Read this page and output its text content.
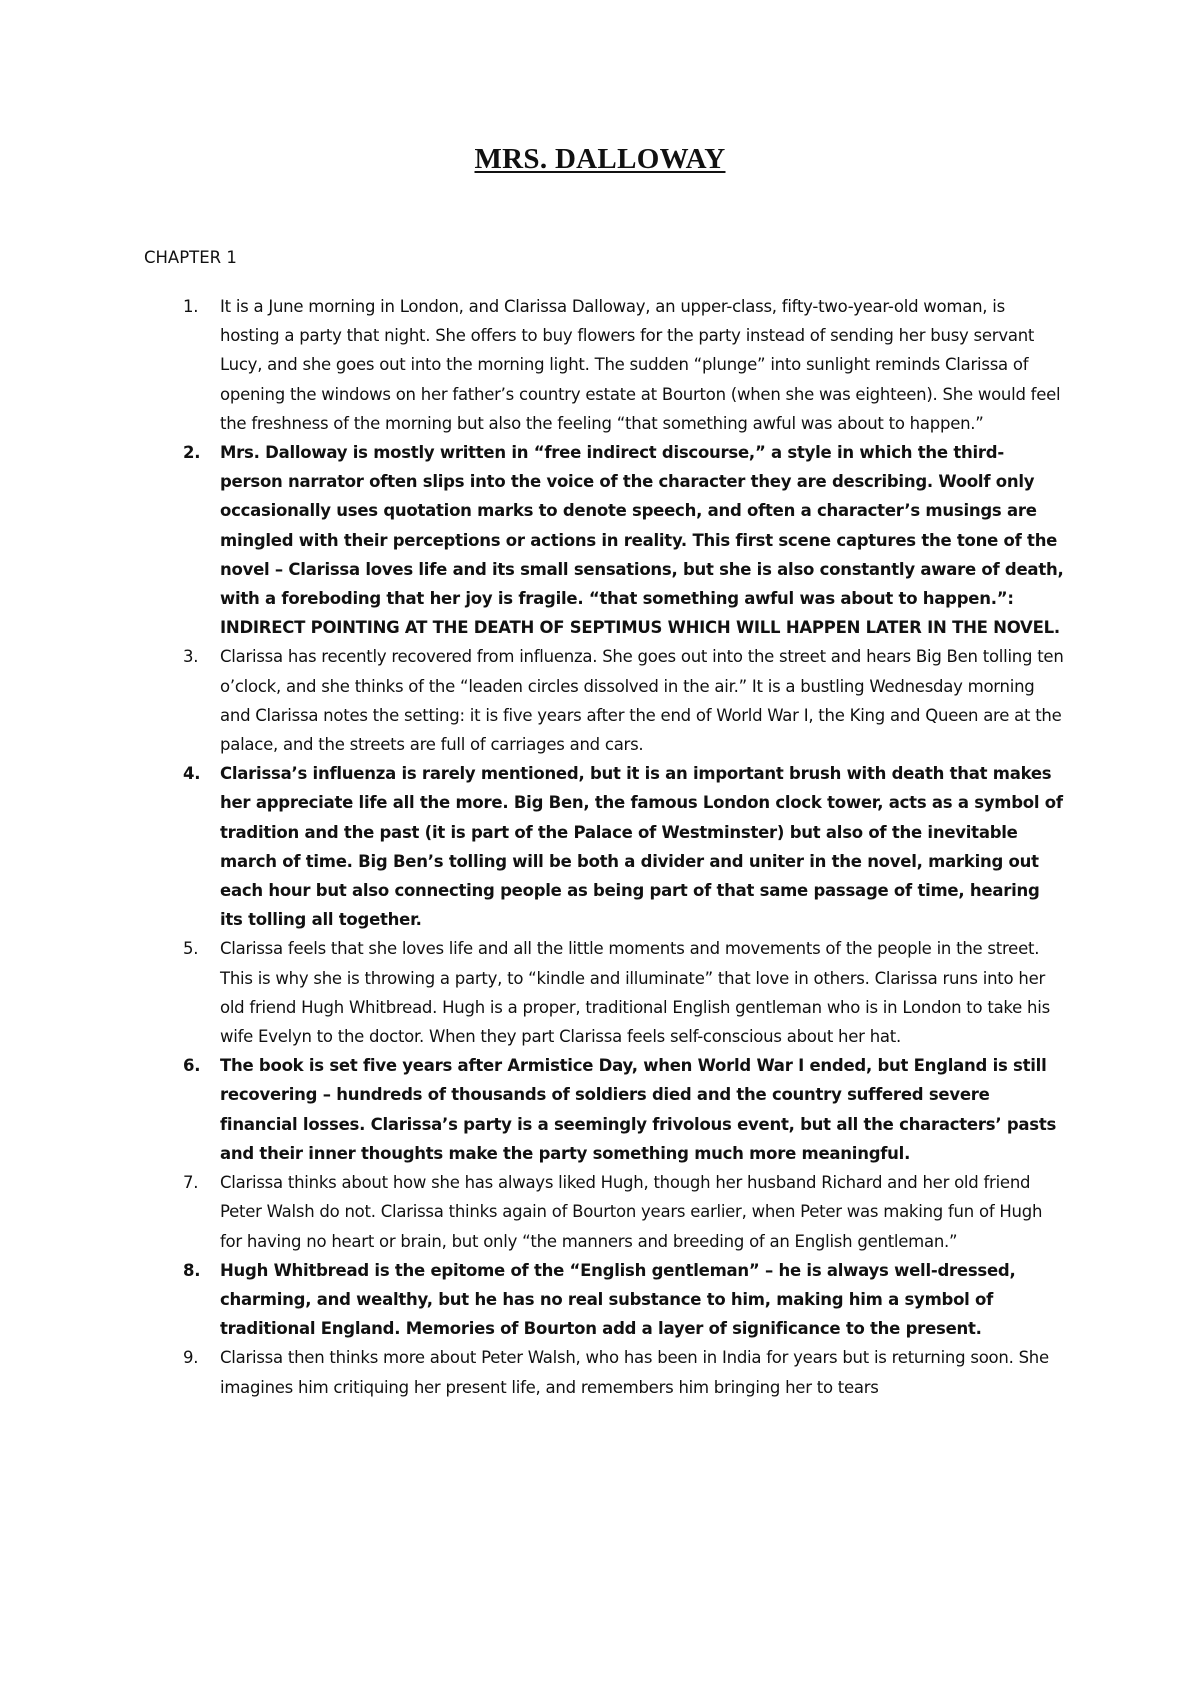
MRS. DALLOWAY
CHAPTER 1
1. It is a June morning in London, and Clarissa Dalloway, an upper-class, fifty-two-year-old woman, is hosting a party that night. She offers to buy flowers for the party instead of sending her busy servant Lucy, and she goes out into the morning light. The sudden “plunge” into sunlight reminds Clarissa of opening the windows on her father’s country estate at Bourton (when she was eighteen). She would feel the freshness of the morning but also the feeling “that something awful was about to happen.”
2. Mrs. Dalloway is mostly written in “free indirect discourse,” a style in which the third-person narrator often slips into the voice of the character they are describing. Woolf only occasionally uses quotation marks to denote speech, and often a character’s musings are mingled with their perceptions or actions in reality. This first scene captures the tone of the novel – Clarissa loves life and its small sensations, but she is also constantly aware of death, with a foreboding that her joy is fragile. “that something awful was about to happen.”: INDIRECT POINTING AT THE DEATH OF SEPTIMUS WHICH WILL HAPPEN LATER IN THE NOVEL.
3. Clarissa has recently recovered from influenza. She goes out into the street and hears Big Ben tolling ten o’clock, and she thinks of the “leaden circles dissolved in the air.” It is a bustling Wednesday morning and Clarissa notes the setting: it is five years after the end of World War I, the King and Queen are at the palace, and the streets are full of carriages and cars.
4. Clarissa’s influenza is rarely mentioned, but it is an important brush with death that makes her appreciate life all the more. Big Ben, the famous London clock tower, acts as a symbol of tradition and the past (it is part of the Palace of Westminster) but also of the inevitable march of time. Big Ben’s tolling will be both a divider and uniter in the novel, marking out each hour but also connecting people as being part of that same passage of time, hearing its tolling all together.
5. Clarissa feels that she loves life and all the little moments and movements of the people in the street. This is why she is throwing a party, to “kindle and illuminate” that love in others. Clarissa runs into her old friend Hugh Whitbread. Hugh is a proper, traditional English gentleman who is in London to take his wife Evelyn to the doctor. When they part Clarissa feels self-conscious about her hat.
6. The book is set five years after Armistice Day, when World War I ended, but England is still recovering – hundreds of thousands of soldiers died and the country suffered severe financial losses. Clarissa’s party is a seemingly frivolous event, but all the characters’ pasts and their inner thoughts make the party something much more meaningful.
7. Clarissa thinks about how she has always liked Hugh, though her husband Richard and her old friend Peter Walsh do not. Clarissa thinks again of Bourton years earlier, when Peter was making fun of Hugh for having no heart or brain, but only “the manners and breeding of an English gentleman.”
8. Hugh Whitbread is the epitome of the “English gentleman” – he is always well-dressed, charming, and wealthy, but he has no real substance to him, making him a symbol of traditional England. Memories of Bourton add a layer of significance to the present.
9. Clarissa then thinks more about Peter Walsh, who has been in India for years but is returning soon. She imagines him critiquing her present life, and remembers him bringing her to tears
